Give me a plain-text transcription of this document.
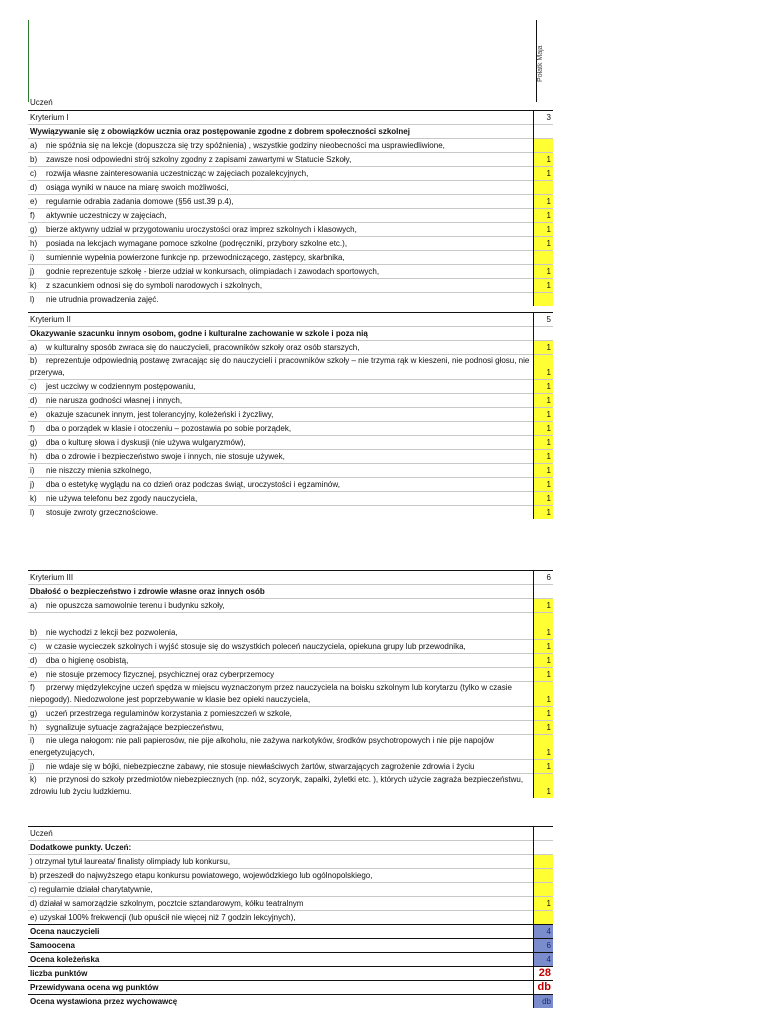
Połatk Maja
Uczeń
Kryterium I	3
Wywiązywanie się z obowiązków ucznia oraz postępowanie zgodne z dobrem społeczności szkolnej	
a) nie spóźnia się na lekcje (dopuszcza się trzy spóźnienia) , wszystkie godziny nieobecności ma usprawiedliwione,	
b) zawsze nosi odpowiedni strój szkolny zgodny z zapisami zawartymi w Statucie Szkoły,	1
c) rozwija własne zainteresowania uczestnicząc w zajęciach pozalekcyjnych,	1
d) osiąga wyniki w nauce na miarę swoich możliwości,	
e) regularnie odrabia zadania domowe (§56 ust.39 p.4),	1
f) aktywnie uczestniczy w zajęciach,	1
g) bierze aktywny udział w przygotowaniu uroczystości oraz imprez szkolnych i klasowych,	1
h) posiada na lekcjach wymagane pomoce szkolne (podręczniki, przybory szkolne etc.),	1
i) sumiennie wypełnia powierzone funkcje np. przewodniczącego, zastępcy, skarbnika,	
j) godnie reprezentuje szkołę - bierze udział w konkursach, olimpiadach i zawodach sportowych,	1
k) z szacunkiem odnosi się do symboli narodowych i szkolnych,	1
l) nie utrudnia prowadzenia zajęć.	
Kryterium II	5
Okazywanie szacunku innym osobom, godne i kulturalne zachowanie w szkole i poza nią	
a) w kulturalny sposób zwraca się do nauczycieli, pracowników szkoły oraz osób starszych,	1
b) reprezentuje odpowiednią postawę zwracając się do nauczycieli i pracowników szkoły – nie trzyma rąk w kieszeni, nie podnosi głosu, nie przerywa,	1
c) jest uczciwy w codziennym postępowaniu,	1
d) nie narusza godności własnej i innych,	1
e) okazuje szacunek innym, jest tolerancyjny, koleżeński i życzliwy,	1
f) dba o porządek w klasie i otoczeniu – pozostawia po sobie porządek,	1
g) dba o kulturę słowa i dyskusji (nie używa wulgaryzmów),	1
h) dba o zdrowie i bezpieczeństwo swoje i innych, nie stosuje używek,	1
i) nie niszczy mienia szkolnego,	1
j) dba o estetykę wyglądu na co dzień oraz podczas świąt, uroczystości i egzaminów,	1
k) nie używa telefonu bez zgody nauczyciela,	1
l) stosuje zwroty grzecznościowe.	1
Kryterium III	6
Dbałość o bezpieczeństwo i zdrowie własne oraz innych osób	
a) nie opuszcza samowolnie terenu i budynku szkoły,	1
b) nie wychodzi z lekcji bez pozwolenia,	1
c) w czasie wycieczek szkolnych i wyjść stosuje się do wszystkich poleceń nauczyciela, opiekuna grupy lub przewodnika,	1
d) dba o higienę osobistą,	1
e) nie stosuje przemocy fizycznej, psychicznej oraz cyberprzemocy	1
f) przerwy międzylekcyjne uczeń spędza w miejscu wyznaczonym przez nauczyciela na boisku szkolnym lub korytarzu (tylko w czasie niepogody). Niedozwolone jest poprzebywanie w klasie bez opieki nauczyciela,	1
g) uczeń przestrzega regulaminów korzystania z pomieszczeń w szkole,	1
h) sygnalizuje sytuacje zagrażające bezpieczeństwu,	1
i) nie ulega nałogom: nie pali papierosów, nie pije alkoholu, nie zażywa narkotyków, środków psychotropowych i nie pije napojów energetyzujących,	1
j) nie wdaje się w bójki, niebezpieczne zabawy, nie stosuje niewłaściwych żartów, stwarzających zagrożenie zdrowia i życiu	1
k) nie przynosi do szkoły przedmiotów niebezpiecznych (np. nóż, scyzoryk, zapałki, żyletki etc. ), których użycie zagraża bezpieczeństwu, zdrowiu lub życiu ludzkiemu.	1
Uczeń	
Dodatkowe punkty. Uczeń:	
) otrzymał tytuł laureata/ finalisty olimpiady lub konkursu,	
b) przeszedł do najwyższego etapu konkursu powiatowego, wojewódzkiego lub ogólnopolskiego,	
c) regularnie działał charytatywnie,	
d) działał w samorządzie szkolnym, pocztcie sztandarowym, kółku teatralnym	1
e) uzyskał 100% frekwencji (lub opuścił nie więcej niż 7 godzin lekcyjnych),	
Ocena nauczycieli	4
Samoocena	6
Ocena koleżeńska	4
liczba punktów	28
Przewidywana ocena wg punktów	db
Ocena wystawiona przez wychowawcę	db
